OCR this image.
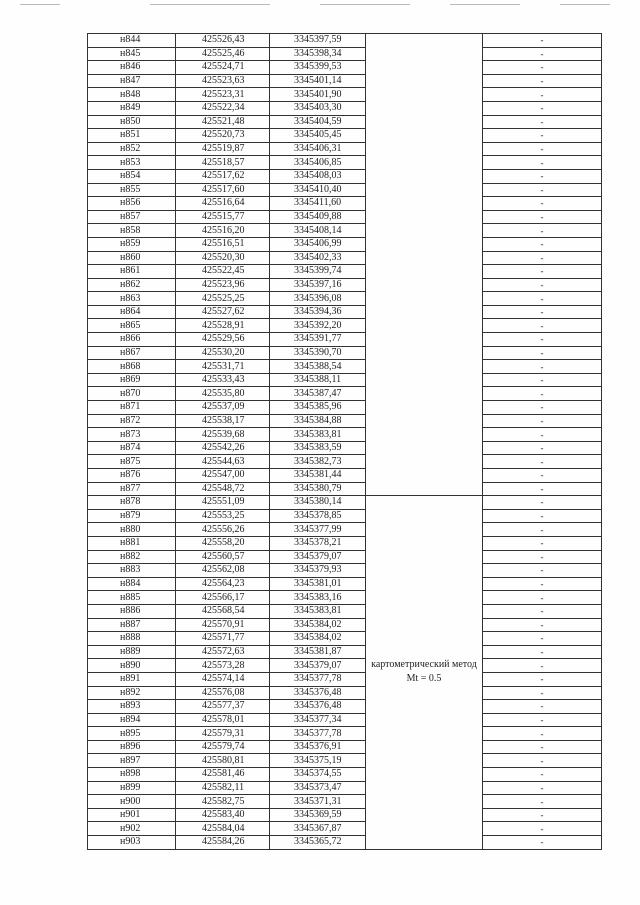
н844	425526,43	3345397,59		-
н845	425525,46	3345398,34		-
н846	425524,71	3345399,53		-
н847	425523,63	3345401,14		-
н848	425523,31	3345401,90		-
н849	425522,34	3345403,30		-
н850	425521,48	3345404,59		-
н851	425520,73	3345405,45		-
н852	425519,87	3345406,31		-
н853	425518,57	3345406,85		-
н854	425517,62	3345408,03		-
н855	425517,60	3345410,40		-
н856	425516,64	3345411,60		-
н857	425515,77	3345409,88		-
н858	425516,20	3345408,14		-
н859	425516,51	3345406,99		-
н860	425520,30	3345402,33		-
н861	425522,45	3345399,74		-
н862	425523,96	3345397,16		-
н863	425525,25	3345396,08		-
н864	425527,62	3345394,36		-
н865	425528,91	3345392,20		-
н866	425529,56	3345391,77		-
н867	425530,20	3345390,70		-
н868	425531,71	3345388,54		-
н869	425533,43	3345388,11		-
н870	425535,80	3345387,47		-
н871	425537,09	3345385,96		-
н872	425538,17	3345384,88		-
н873	425539,68	3345383,81		-
н874	425542,26	3345383,59		-
н875	425544,63	3345382,73		-
н876	425547,00	3345381,44		-
н877	425548,72	3345380,79		-
н878	425551,09	3345380,14	картометрический метод Mt = 0.5	-
н879	425553,25	3345378,85		-
н880	425556,26	3345377,99		-
н881	425558,20	3345378,21		-
н882	425560,57	3345379,07		-
н883	425562,08	3345379,93		-
н884	425564,23	3345381,01		-
н885	425566,17	3345383,16		-
н886	425568,54	3345383,81		-
н887	425570,91	3345384,02		-
н888	425571,77	3345384,02		-
н889	425572,63	3345381,87		-
н890	425573,28	3345379,07		-
н891	425574,14	3345377,78		-
н892	425576,08	3345376,48		-
н893	425577,37	3345376,48		-
н894	425578,01	3345377,34		-
н895	425579,31	3345377,78		-
н896	425579,74	3345376,91		-
н897	425580,81	3345375,19		-
н898	425581,46	3345374,55		-
н899	425582,11	3345373,47		-
н900	425582,75	3345371,31		-
н901	425583,40	3345369,59		-
н902	425584,04	3345367,87		-
н903	425584,26	3345365,72		-
